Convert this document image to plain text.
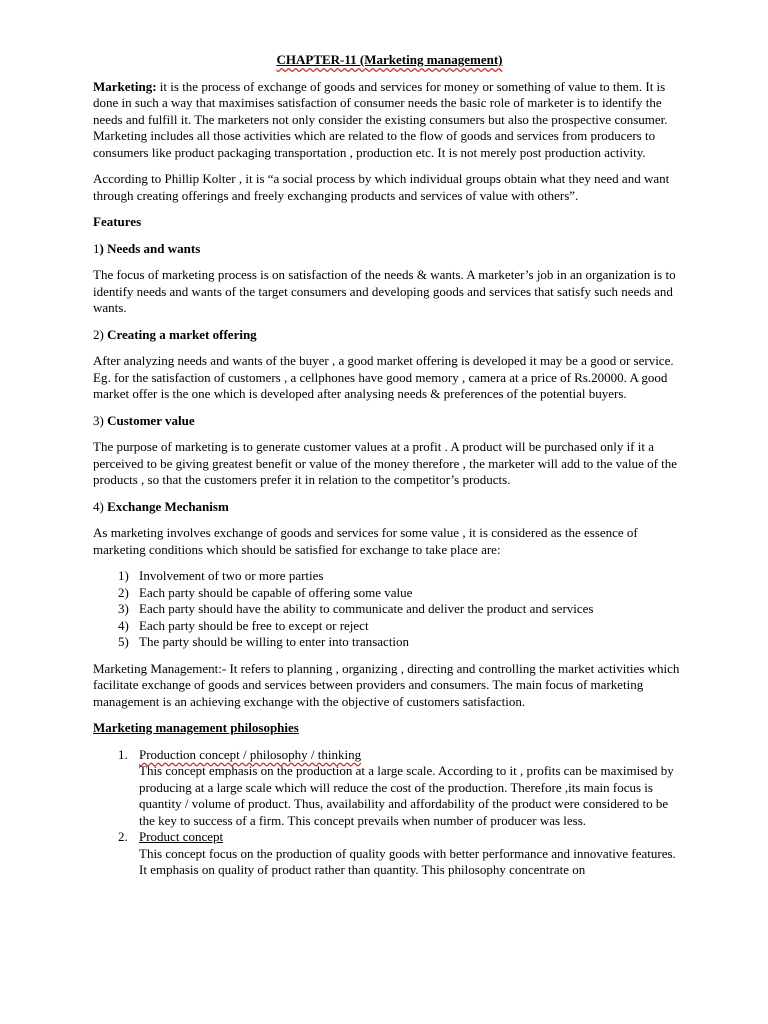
CHAPTER-11 (Marketing management)

Marketing: it is the process of exchange of goods and services for money or something of value to them. It is done in such a way that maximises satisfaction of consumer needs the basic role of marketer is to identify the needs and fulfill it. The marketers not only consider the existing consumers but also the prospective consumer. Marketing includes all those activities which are related to the flow of goods and services from producers to consumers like product packaging transportation , production etc. It is not merely post production activity.

According to Phillip Kolter , it is “a social process by which individual groups obtain what they need and want through creating offerings and freely exchanging products and services of value with others”.

Features
1) Needs and wants

The focus of marketing process is on satisfaction of the needs & wants. A marketer’s job in an organization is to identify needs and wants of the target consumers and developing goods and services that satisfy such needs and wants.

2) Creating a market offering

After analyzing needs and wants of the buyer , a good market offering is developed it may be a good or service. Eg. for the satisfaction of customers , a cellphones have good memory , camera at a price of Rs.20000. A good market offer is the one which is developed after analysing needs & preferences of the potential buyers.

3) Customer value

The purpose of marketing is to generate customer values at a profit . A product will be purchased only if it a perceived to be giving greatest benefit or value of the money therefore , the marketer will add to the value of the products , so that the customers prefer it in relation to the competitor’s products.

4) Exchange Mechanism

As marketing involves exchange of goods and services for some value , it is considered as the essence of marketing conditions which should be satisfied for exchange to take place are:

1) Involvement of two or more parties
2) Each party should be capable of offering some value
3) Each party should have the ability to communicate and deliver the product and services
4) Each party should be free to except or reject
5) The party should be willing to enter into transaction

Marketing Management:- It refers to planning , organizing , directing and controlling the market activities which facilitate exchange of goods and services between providers and consumers. The main focus of marketing management is an achieving exchange with the objective of customers satisfaction.

Marketing management philosophies
1. Production concept / philosophy / thinking
This concept emphasis on the production at a large scale. According to it , profits can be maximised by producing at a large scale which will reduce the cost of the production. Therefore ,its main focus is quantity / volume of product. Thus, availability and affordability of the product were considered to be the key to success of a firm. This concept prevails when number of producer was less.
2. Product concept
This concept focus on the production of quality goods with better performance and innovative features. It emphasis on quality of product rather than quantity. This philosophy concentrate on
